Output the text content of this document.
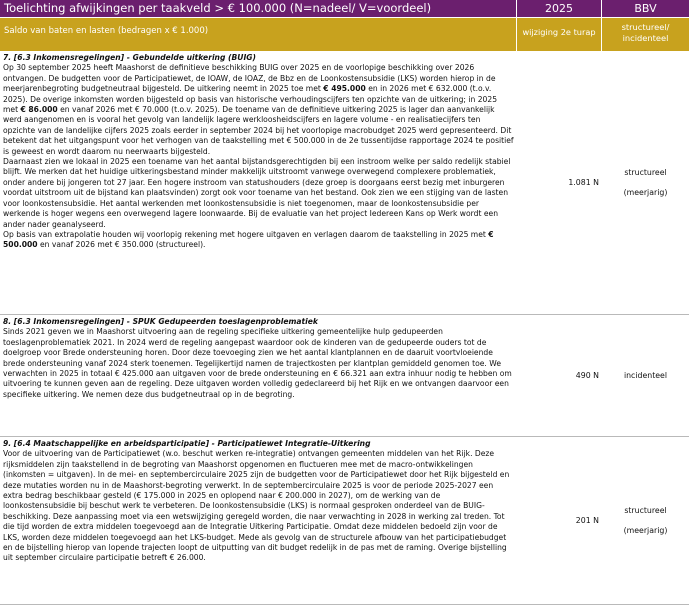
Toelichting afwijkingen per taakveld > € 100.000 (N=nadeel/ V=voordeel)	2025	BBV
Saldo van baten en lasten (bedragen x € 1.000)	wijziging 2e turap	structureel/
incidenteel
7. [6.3 Inkomensregelingen] - Gebundelde uitkering (BUIG)
Op 30 september 2025 heeft Maashorst de definitieve beschikking BUIG over 2025 en de voorlopige beschikking over 2026 ontvangen. De budgetten voor de Participatiewet, de IOAW, de IOAZ, de Bbz en de Loonkostensubsidie (LKS) worden hierop in de meerjarenbegroting budgetneutraal bijgesteld. De uitkering neemt in 2025 toe met € 495.000 en in 2026 met € 632.000 (t.o.v. 2025). De overige inkomsten worden bijgesteld op basis van historische verhoudingscijfers ten opzichte van de uitkering; in 2025 met € 86.000 en vanaf 2026 met € 70.000 (t.o.v. 2025). De toename van de definitieve uitkering 2025 is lager dan aanvankelijk werd aangenomen en is vooral het gevolg van landelijk lagere werkloosheidscijfers en lagere volume - en realisatiecijfers ten opzichte van de landelijke cijfers 2025 zoals eerder in september 2024 bij het voorlopige macrobudget 2025 werd gepresenteerd. Dit betekent dat het uitgangspunt voor het verhogen van de taakstelling met € 500.000 in de 2e tussentijdse rapportage 2024 te positief is geweest en wordt daarom nu neerwaarts bijgesteld.
Daarnaast zien we lokaal in 2025 een toename van het aantal bijstandsgerechtigden bij een instroom welke per saldo redelijk stabiel blijft. We merken dat het huidige uitkeringsbestand minder makkelijk uitstroomt vanwege overwegend complexere problematiek, onder andere bij jongeren tot 27 jaar. Een hogere instroom van statushouders (deze groep is doorgaans eerst bezig met inburgeren voordat uitstroom uit de bijstand kan plaatsvinden) zorgt ook voor toename van het bestand. Ook zien we een stijging van de lasten voor loonkostensubsidie. Het aantal werkenden met loonkostensubsidie is niet toegenomen, maar de loonkostensubsidie per werkende is hoger wegens een overwegend lagere loonwaarde. Bij de evaluatie van het project Iedereen Kans op Werk wordt een ander nader geanalyseerd.
Op basis van extrapolatie houden wij voorlopig rekening met hogere uitgaven en verlagen daarom de taakstelling in 2025 met € 500.000 en vanaf 2026 met € 350.000 (structureel).
1.081 N
structureel

(meerjarig)
8. [6.3 Inkomensregelingen] - SPUK Gedupeerden toeslagenproblematiek
Sinds 2021 geven we in Maashorst uitvoering aan de regeling specifieke uitkering gemeentelijke hulp gedupeerden toeslagenproblematiek 2021. In 2024 werd de regeling aangepast waardoor ook de kinderen van de gedupeerde ouders tot de doelgroep voor Brede ondersteuning horen. Door deze toevoeging zien we het aantal klantplannen en de daaruit voortvloeiende brede ondersteuning vanaf 2024 sterk toenemen. Tegelijkertijd namen de trajectkosten per klantplan gemiddeld genomen toe. We verwachten in 2025 in totaal € 425.000 aan uitgaven voor de brede ondersteuning en € 66.321 aan extra inhuur nodig te hebben om uitvoering te kunnen geven aan de regeling. Deze uitgaven worden volledig gedeclareerd bij het Rijk en we ontvangen daarvoor een specifieke uitkering. We nemen deze dus budgetneutraal op in de begroting.
490 N	incidenteel
9. [6.4 Maatschappelijke en arbeidsparticipatie] - Participatiewet Integratie-Uitkering
Voor de uitvoering van de Participatiewet (w.o. beschut werken re-integratie) ontvangen gemeenten middelen van het Rijk. Deze rijksmiddelen zijn taakstellend in de begroting van Maashorst opgenomen en fluctueren mee met de macro-ontwikkelingen (inkomsten = uitgaven). In de mei- en septembercirculaire 2025 zijn de budgetten voor de Participatiewet door het Rijk bijgesteld en deze mutaties worden nu in de Maashorst-begroting verwerkt. In de septembercirculaire 2025 is voor de periode 2025-2027 een extra bedrag beschikbaar gesteld (€ 175.000 in 2025 en oplopend naar € 200.000 in 2027), om de werking van de loonkostensubsidie bij beschut werk te verbeteren. De loonkostensubsidie (LKS) is normaal gesproken onderdeel van de BUIG-beschikking. Deze aanpassing moet via een wetswijziging geregeld worden, die naar verwachting in 2028 in werking zal treden. Tot die tijd worden de extra middelen toegevoegd aan de Integratie Uitkering Participatie. Omdat deze middelen bedoeld zijn voor de LKS, worden deze middelen toegevoegd aan het LKS-budget. Mede als gevolg van de structurele afbouw van het participatiebudget en de bijstelling hierop van lopende trajecten loopt de uitputting van dit budget redelijk in de pas met de raming. Overige bijstelling uit september circulaire participatie betreft € 26.000.
201 N
structureel

(meerjarig)
